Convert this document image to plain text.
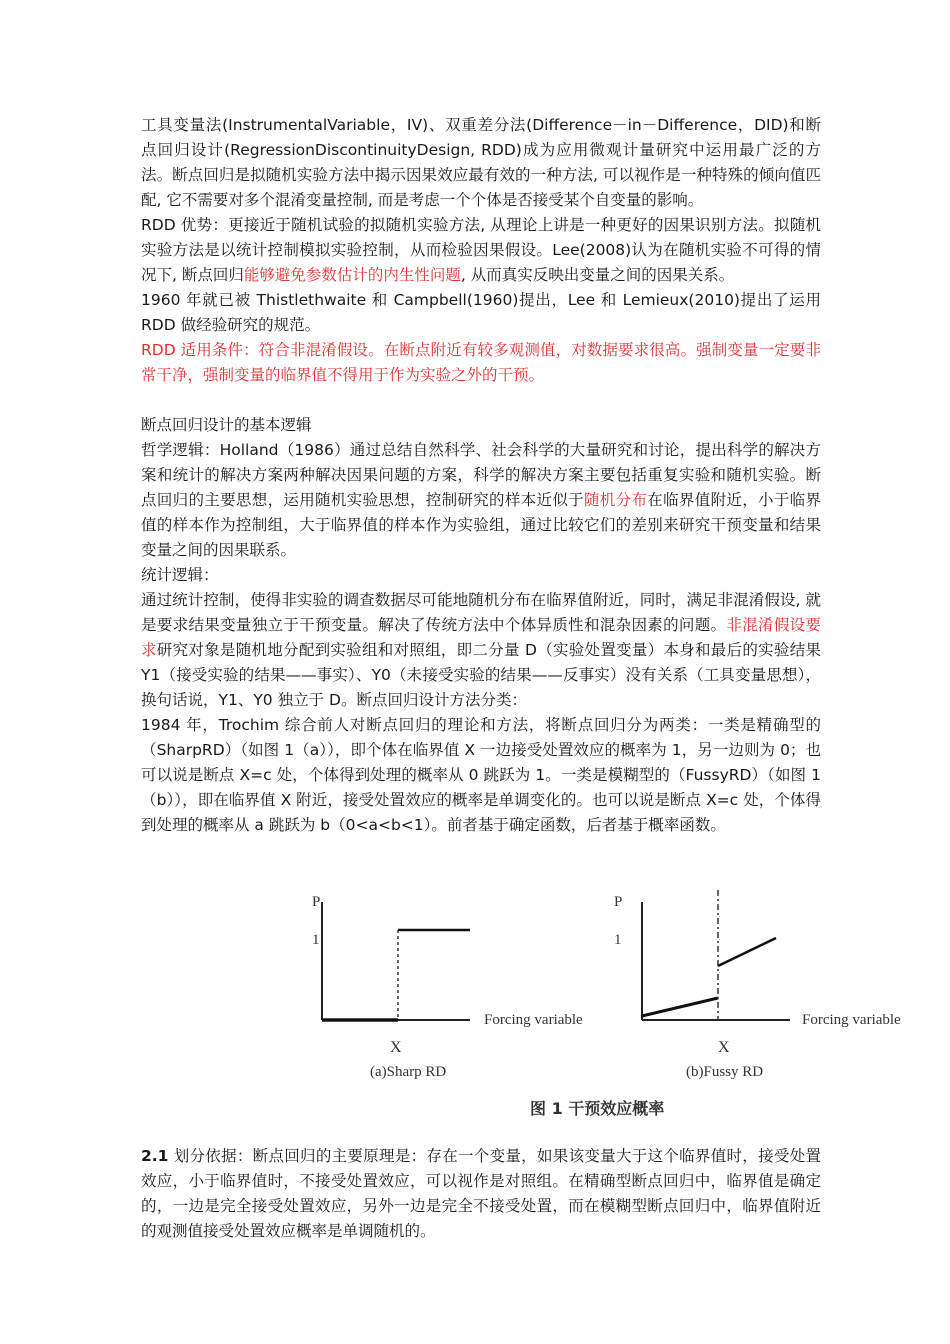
工具变量法(InstrumentalVariable，IV)、双重差分法(Difference－in－Difference，DID)和断点回归设计(RegressionDiscontinuityDesign, RDD)成为应用微观计量研究中运用最广泛的方法。断点回归是拟随机实验方法中揭示因果效应最有效的一种方法, 可以视作是一种特殊的倾向值匹配, 它不需要对多个混淆变量控制, 而是考虑一个个体是否接受某个自变量的影响。

RDD 优势：更接近于随机试验的拟随机实验方法, 从理论上讲是一种更好的因果识别方法。拟随机实验方法是以统计控制模拟实验控制，从而检验因果假设。Lee(2008)认为在随机实验不可得的情况下, 断点回归能够避免参数估计的内生性问题, 从而真实反映出变量之间的因果关系。

1960 年就已被 Thistlethwaite 和 Campbell(1960)提出，Lee 和 Lemieux(2010)提出了运用 RDD 做经验研究的规范。

RDD 适用条件：符合非混淆假设。在断点附近有较多观测值，对数据要求很高。强制变量一定要非常干净，强制变量的临界值不得用于作为实验之外的干预。

断点回归设计的基本逻辑

哲学逻辑：Holland（1986）通过总结自然科学、社会科学的大量研究和讨论，提出科学的解决方案和统计的解决方案两种解决因果问题的方案，科学的解决方案主要包括重复实验和随机实验。断点回归的主要思想，运用随机实验思想，控制研究的样本近似于随机分布在临界值附近，小于临界值的样本作为控制组，大于临界值的样本作为实验组，通过比较它们的差别来研究干预变量和结果变量之间的因果联系。

统计逻辑：

通过统计控制，使得非实验的调查数据尽可能地随机分布在临界值附近，同时，满足非混淆假设, 就是要求结果变量独立于干预变量。解决了传统方法中个体异质性和混杂因素的问题。非混淆假设要求研究对象是随机地分配到实验组和对照组，即二分量 D（实验处置变量）本身和最后的实验结果 Y1（接受实验的结果——事实）、Y0（未接受实验的结果——反事实）没有关系（工具变量思想），换句话说，Y1、Y0 独立于 D。断点回归设计方法分类：

1984 年，Trochim 综合前人对断点回归的理论和方法，将断点回归分为两类：一类是精确型的（SharpRD）（如图 1（a）），即个体在临界值 X 一边接受处置效应的概率为 1，另一边则为 0；也可以说是断点 X=c 处，个体得到处理的概率从 0 跳跃为 1。一类是模糊型的（FussyRD）（如图 1（b）），即在临界值 X 附近，接受处置效应的概率是单调变化的。也可以说是断点 X=c 处，个体得到处理的概率从 a 跳跃为 b（0<a<b<1）。前者基于确定函数，后者基于概率函数。

P
1
Forcing variable
X
(a)Sharp RD
P
1
Forcing variable
X
(b)Fussy RD
图 1 干预效应概率

2.1 划分依据：断点回归的主要原理是：存在一个变量，如果该变量大于这个临界值时，接受处置效应，小于临界值时，不接受处置效应，可以视作是对照组。在精确型断点回归中，临界值是确定的，一边是完全接受处置效应，另外一边是完全不接受处置，而在模糊型断点回归中，临界值附近的观测值接受处置效应概率是单调随机的。
